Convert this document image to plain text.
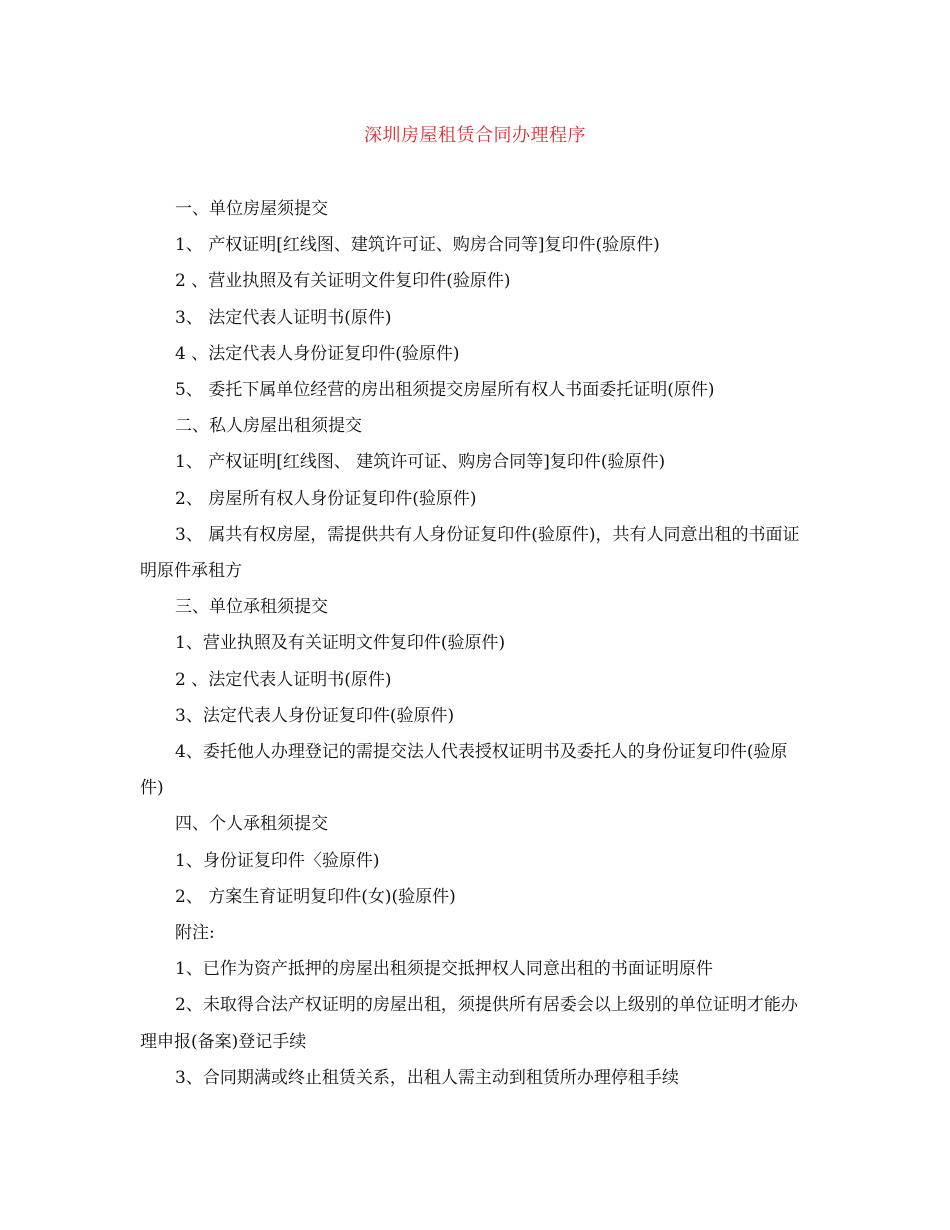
深圳房屋租赁合同办理程序

一、单位房屋须提交

1、 产权证明[红线图、建筑许可证、购房合同等]复印件(验原件)

2 、营业执照及有关证明文件复印件(验原件)

3、 法定代表人证明书(原件)

4 、法定代表人身份证复印件(验原件)

5、 委托下属单位经营的房出租须提交房屋所有权人书面委托证明(原件)

二、私人房屋出租须提交

1、 产权证明[红线图、 建筑许可证、购房合同等]复印件(验原件)

2、 房屋所有权人身份证复印件(验原件)

3、 属共有权房屋，需提供共有人身份证复印件(验原件)，共有人同意出租的书面证明原件承租方

三、单位承租须提交

1、营业执照及有关证明文件复印件(验原件)

2 、法定代表人证明书(原件)

3、法定代表人身份证复印件(验原件)

4、委托他人办理登记的需提交法人代表授权证明书及委托人的身份证复印件(验原件)

四、个人承租须提交

1、身份证复印件〈验原件)

2、 方案生育证明复印件(女)(验原件)

附注:

1、已作为资产抵押的房屋出租须提交抵押权人同意出租的书面证明原件

2、未取得合法产权证明的房屋出租，须提供所有居委会以上级别的单位证明才能办理申报(备案)登记手续

3、合同期满或终止租赁关系，出租人需主动到租赁所办理停租手续
